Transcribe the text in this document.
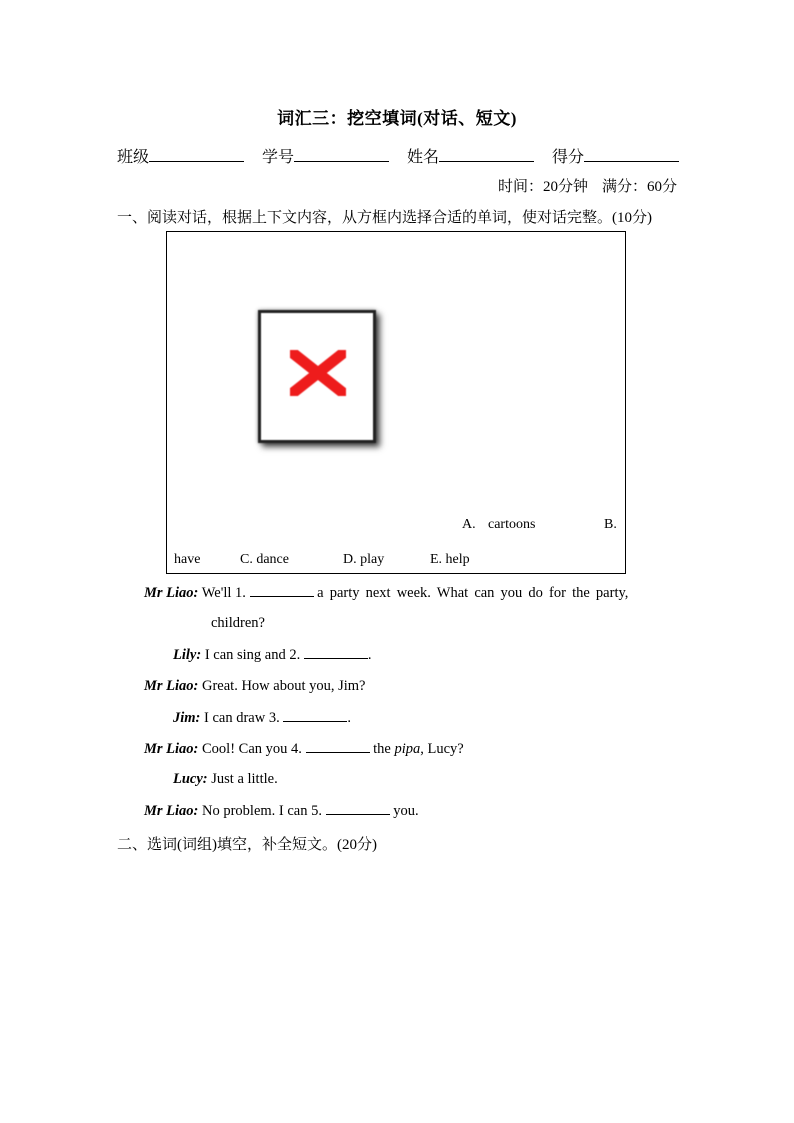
词汇三：挖空填词(对话、短文)
班级	学号	姓名	得分
时间：20分钟 满分：60分
一、阅读对话，根据上下文内容，从方框内选择合适的单词，使对话完整。(10分)
A. cartoons	B.
have	C. dance	D. play	E. help
Mr Liao: We'll 1.	a party next week. What can you do for the party,
children?
Lily: I can sing and 2.	.
Mr Liao: Great. How about you, Jim?
Jim: I can draw 3.	.
Mr Liao: Cool! Can you 4.	the pipa, Lucy?
Lucy: Just a little.
Mr Liao: No problem. I can 5.	you.
二、选词(词组)填空，补全短文。(20分)
